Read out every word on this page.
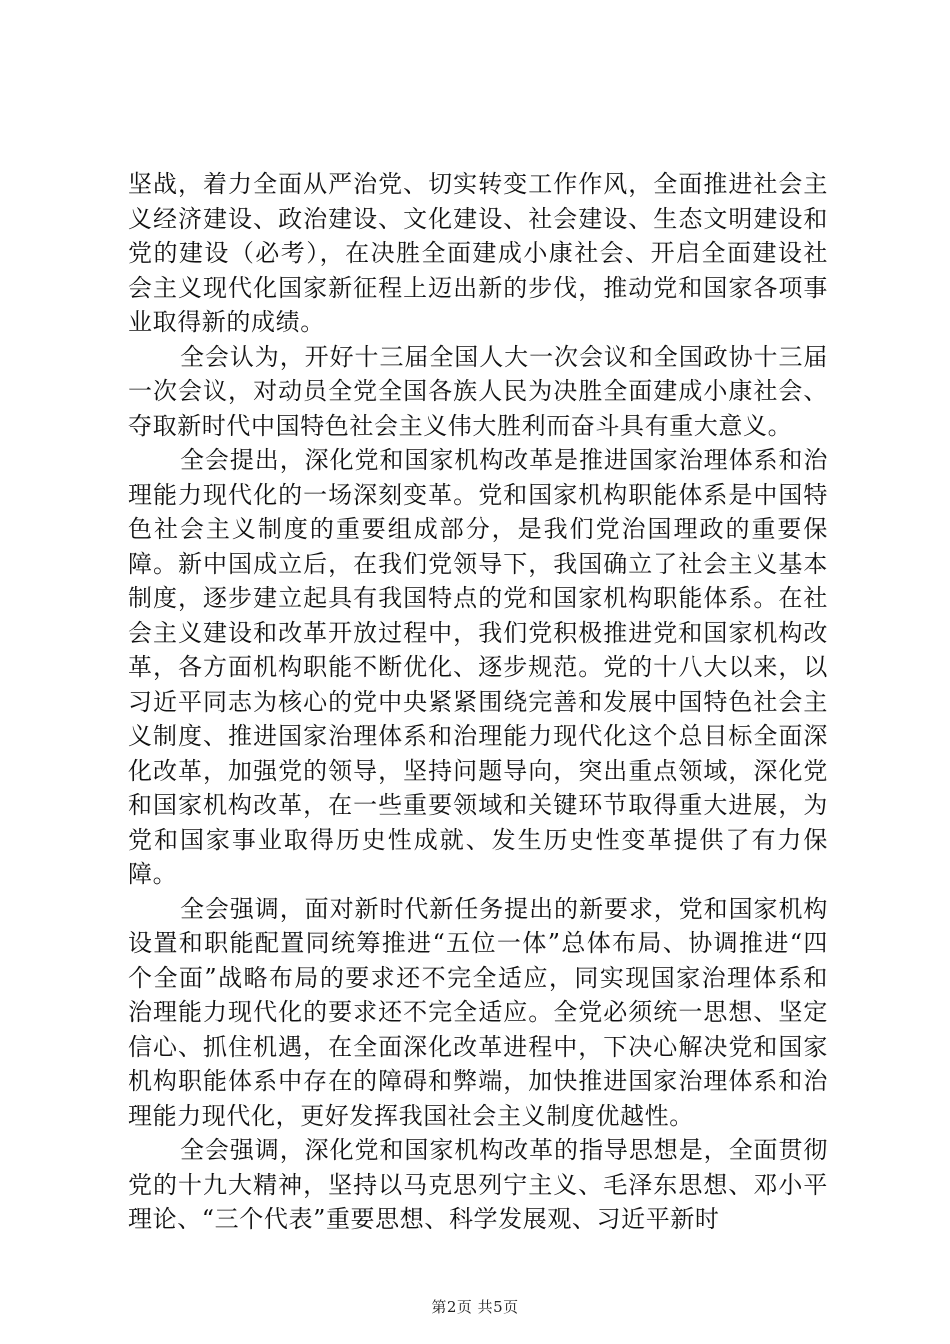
坚战，着力全面从严治党、切实转变工作作风，全面推进社会主义经济建设、政治建设、文化建设、社会建设、生态文明建设和党的建设（必考），在决胜全面建成小康社会、开启全面建设社会主义现代化国家新征程上迈出新的步伐，推动党和国家各项事业取得新的成绩。

全会认为，开好十三届全国人大一次会议和全国政协十三届一次会议，对动员全党全国各族人民为决胜全面建成小康社会、夺取新时代中国特色社会主义伟大胜利而奋斗具有重大意义。

全会提出，深化党和国家机构改革是推进国家治理体系和治理能力现代化的一场深刻变革。党和国家机构职能体系是中国特色社会主义制度的重要组成部分，是我们党治国理政的重要保障。新中国成立后，在我们党领导下，我国确立了社会主义基本制度，逐步建立起具有我国特点的党和国家机构职能体系。在社会主义建设和改革开放过程中，我们党积极推进党和国家机构改革，各方面机构职能不断优化、逐步规范。党的十八大以来，以习近平同志为核心的党中央紧紧围绕完善和发展中国特色社会主义制度、推进国家治理体系和治理能力现代化这个总目标全面深化改革，加强党的领导，坚持问题导向，突出重点领域，深化党和国家机构改革，在一些重要领域和关键环节取得重大进展，为党和国家事业取得历史性成就、发生历史性变革提供了有力保障。

全会强调，面对新时代新任务提出的新要求，党和国家机构设置和职能配置同统筹推进“五位一体”总体布局、协调推进“四个全面”战略布局的要求还不完全适应，同实现国家治理体系和治理能力现代化的要求还不完全适应。全党必须统一思想、坚定信心、抓住机遇，在全面深化改革进程中，下决心解决党和国家机构职能体系中存在的障碍和弊端，加快推进国家治理体系和治理能力现代化，更好发挥我国社会主义制度优越性。

全会强调，深化党和国家机构改革的指导思想是，全面贯彻党的十九大精神，坚持以马克思列宁主义、毛泽东思想、邓小平理论、“三个代表”重要思想、科学发展观、习近平新时

第2页 共5页
